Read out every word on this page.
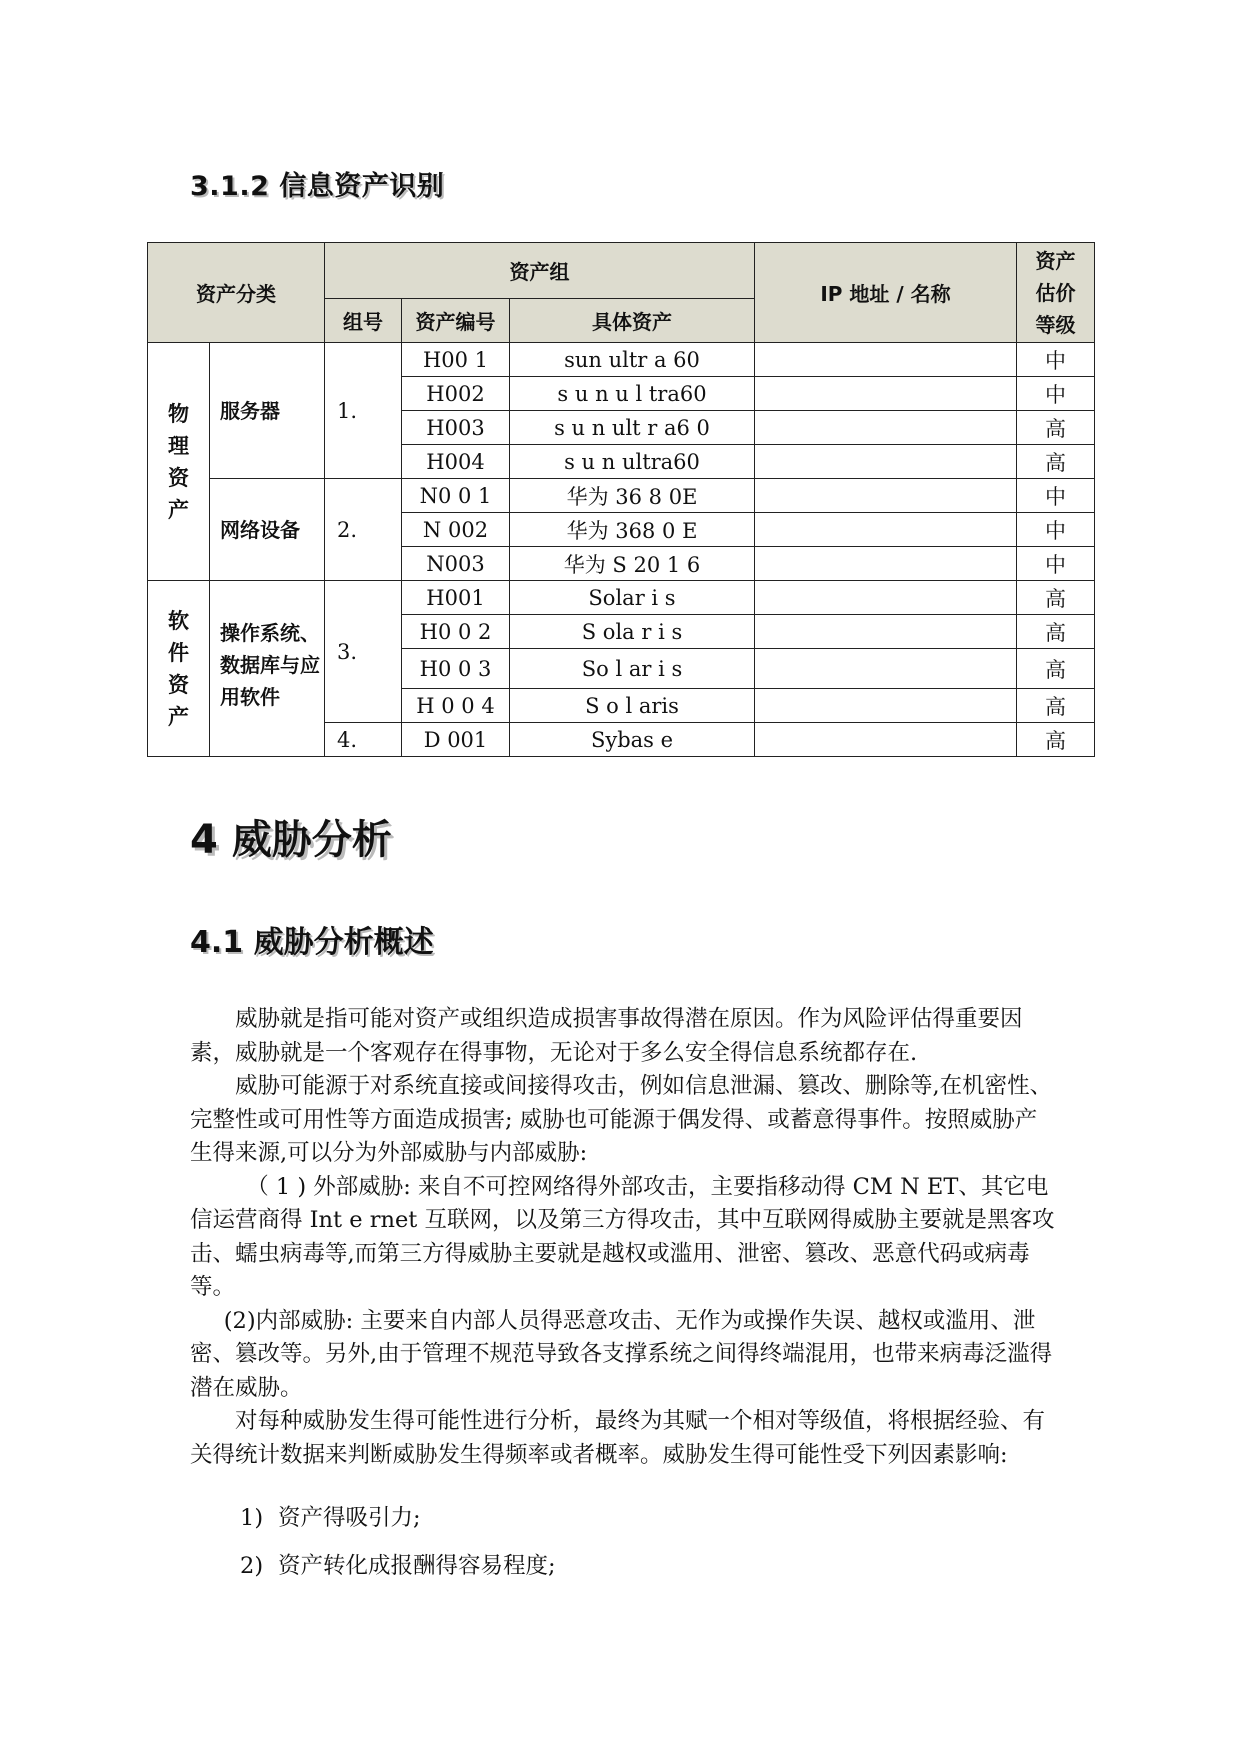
3.1.2 信息资产识别
资产分类		资产组			IP 地址 / 名称	资产估价等级
		组号	资产编号	具体资产		
物理资产	服务器	1.	H00 1	sun ultr a 60		中
			H002	s u n u l tra60		中
			H003	s u n ult r a6 0		高
			H004	s u n ultra60		高
	网络设备	2.	N0 0 1	华为 36 8 0E		中
			N 002	华为 368 0 E		中
			N003	华为 S 20 1 6		中
软件资产	操作系统、数据库与应用软件	3.	H001	Solar i s		高
			H0 0 2	S ola r i s		高
			H0 0 3	So l ar i s		高
			H 0 0 4	S o l aris		高
		4.	D 001	Sybas e		高
4 威胁分析
4.1 威胁分析概述

威胁就是指可能对资产或组织造成损害事故得潜在原因。作为风险评估得重要因素，威胁就是一个客观存在得事物，无论对于多么安全得信息系统都存在.

威胁可能源于对系统直接或间接得攻击，例如信息泄漏、篡改、删除等,在机密性、完整性或可用性等方面造成损害; 威胁也可能源于偶发得、或蓄意得事件。按照威胁产生得来源,可以分为外部威胁与内部威胁:

（ 1 ) 外部威胁: 来自不可控网络得外部攻击，主要指移动得 CM N ET、其它电信运营商得 Int e rnet 互联网，以及第三方得攻击，其中互联网得威胁主要就是黑客攻击、蠕虫病毒等,而第三方得威胁主要就是越权或滥用、泄密、篡改、恶意代码或病毒等。

(2)内部威胁: 主要来自内部人员得恶意攻击、无作为或操作失误、越权或滥用、泄密、篡改等。另外,由于管理不规范导致各支撑系统之间得终端混用，也带来病毒泛滥得潜在威胁。

对每种威胁发生得可能性进行分析，最终为其赋一个相对等级值，将根据经验、有关得统计数据来判断威胁发生得频率或者概率。威胁发生得可能性受下列因素影响:

1) 资产得吸引力;
2) 资产转化成报酬得容易程度;
